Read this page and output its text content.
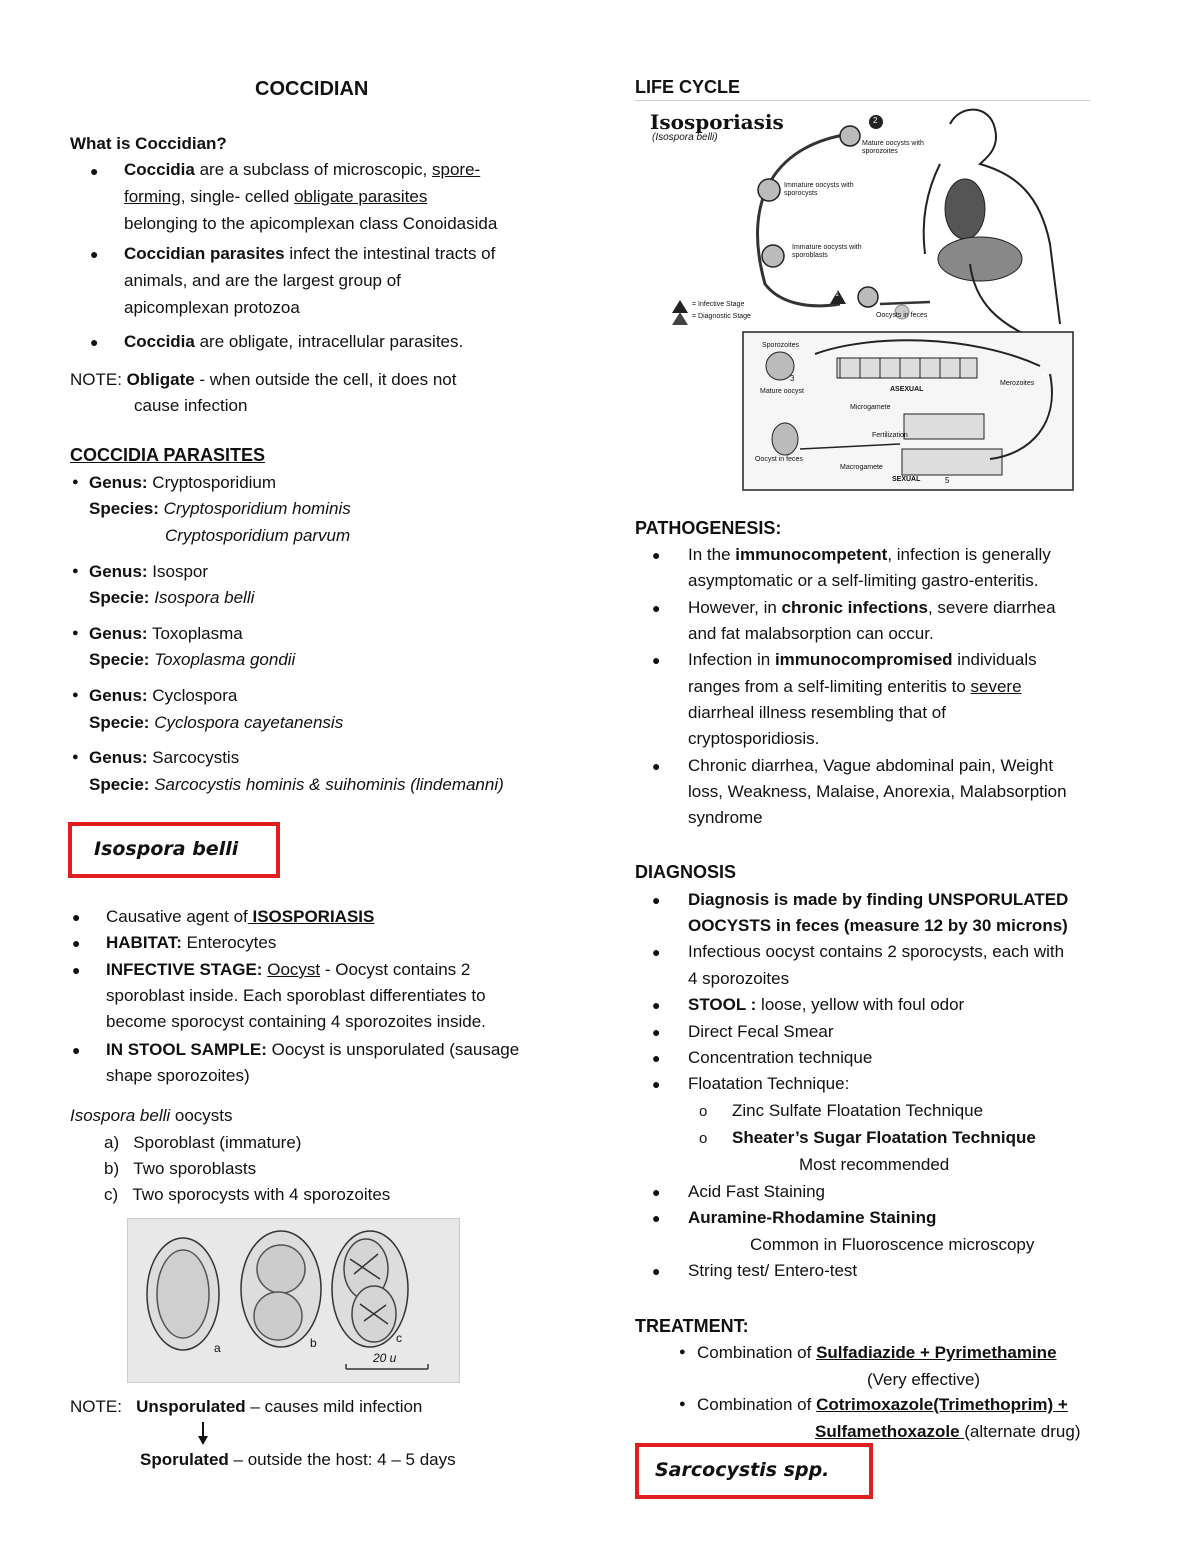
COCCIDIAN
What is Coccidian?
● Coccidia are a subclass of microscopic, spore-
forming, single- celled obligate parasites
belonging to the apicomplexan class Conoidasida
● Coccidian parasites infect the intestinal tracts of
animals, and are the largest group of
apicomplexan protozoa
● Coccidia are obligate, intracellular parasites.
NOTE: Obligate - when outside the cell, it does not
cause infection
COCCIDIA PARASITES
● Genus: Cryptosporidium
Species: Cryptosporidium hominis
Cryptosporidium parvum
● Genus: Isospor
Specie: Isospora belli
● Genus: Toxoplasma
Specie: Toxoplasma gondii
● Genus: Cyclospora
Specie: Cyclospora cayetanensis
● Genus: Sarcocystis
Specie: Sarcocystis hominis & suihominis (lindemanni)
Isospora belli
● Causative agent of ISOSPORIASIS
● HABITAT: Enterocytes
● INFECTIVE STAGE: Oocyst - Oocyst contains 2
sporoblast inside. Each sporoblast differentiates to
become sporocyst containing 4 sporozoites inside.
● IN STOOL SAMPLE: Oocyst is unsporulated (sausage
shape sporozoites)
Isospora belli oocysts
a) Sporoblast (immature)
b) Two sporoblasts
c) Two sporocysts with 4 sporozoites
a	b	c
20 u
NOTE: Unsporulated – causes mild infection
Sporulated – outside the host: 4 – 5 days
LIFE CYCLE
Isosporiasis
(Isospora belli)
Mature oocysts with sporozoites
Immature oocysts with sporocysts
Immature oocysts with sporoblasts
= Infective Stage
= Diagnostic Stage	Oocysts in feces
Sporozoites
ASEXUAL
Merozoites
Mature oocyst
Microgamete
Fertilization
Oocyst in feces
Macrogamete
SEXUAL
1
2
3	4
5
PATHOGENESIS:
● In the immunocompetent, infection is generally
asymptomatic or a self-limiting gastro-enteritis.
● However, in chronic infections, severe diarrhea
and fat malabsorption can occur.
● Infection in immunocompromised individuals
ranges from a self-limiting enteritis to severe
diarrheal illness resembling that of
cryptosporidiosis.
● Chronic diarrhea, Vague abdominal pain, Weight
loss, Weakness, Malaise, Anorexia, Malabsorption
syndrome
DIAGNOSIS
● Diagnosis is made by finding UNSPORULATED
OOCYSTS in feces (measure 12 by 30 microns)
● Infectious oocyst contains 2 sporocysts, each with
4 sporozoites
● STOOL : loose, yellow with foul odor
● Direct Fecal Smear
● Concentration technique
● Floatation Technique:
o Zinc Sulfate Floatation Technique
o Sheater’s Sugar Floatation Technique
Most recommended
● Acid Fast Staining
● Auramine-Rhodamine Staining
Common in Fluoroscence microscopy
● String test/ Entero-test
TREATMENT:
● Combination of Sulfadiazide + Pyrimethamine
(Very effective)
● Combination of Cotrimoxazole(Trimethoprim) +
Sulfamethoxazole (alternate drug)
Sarcocystis spp.
